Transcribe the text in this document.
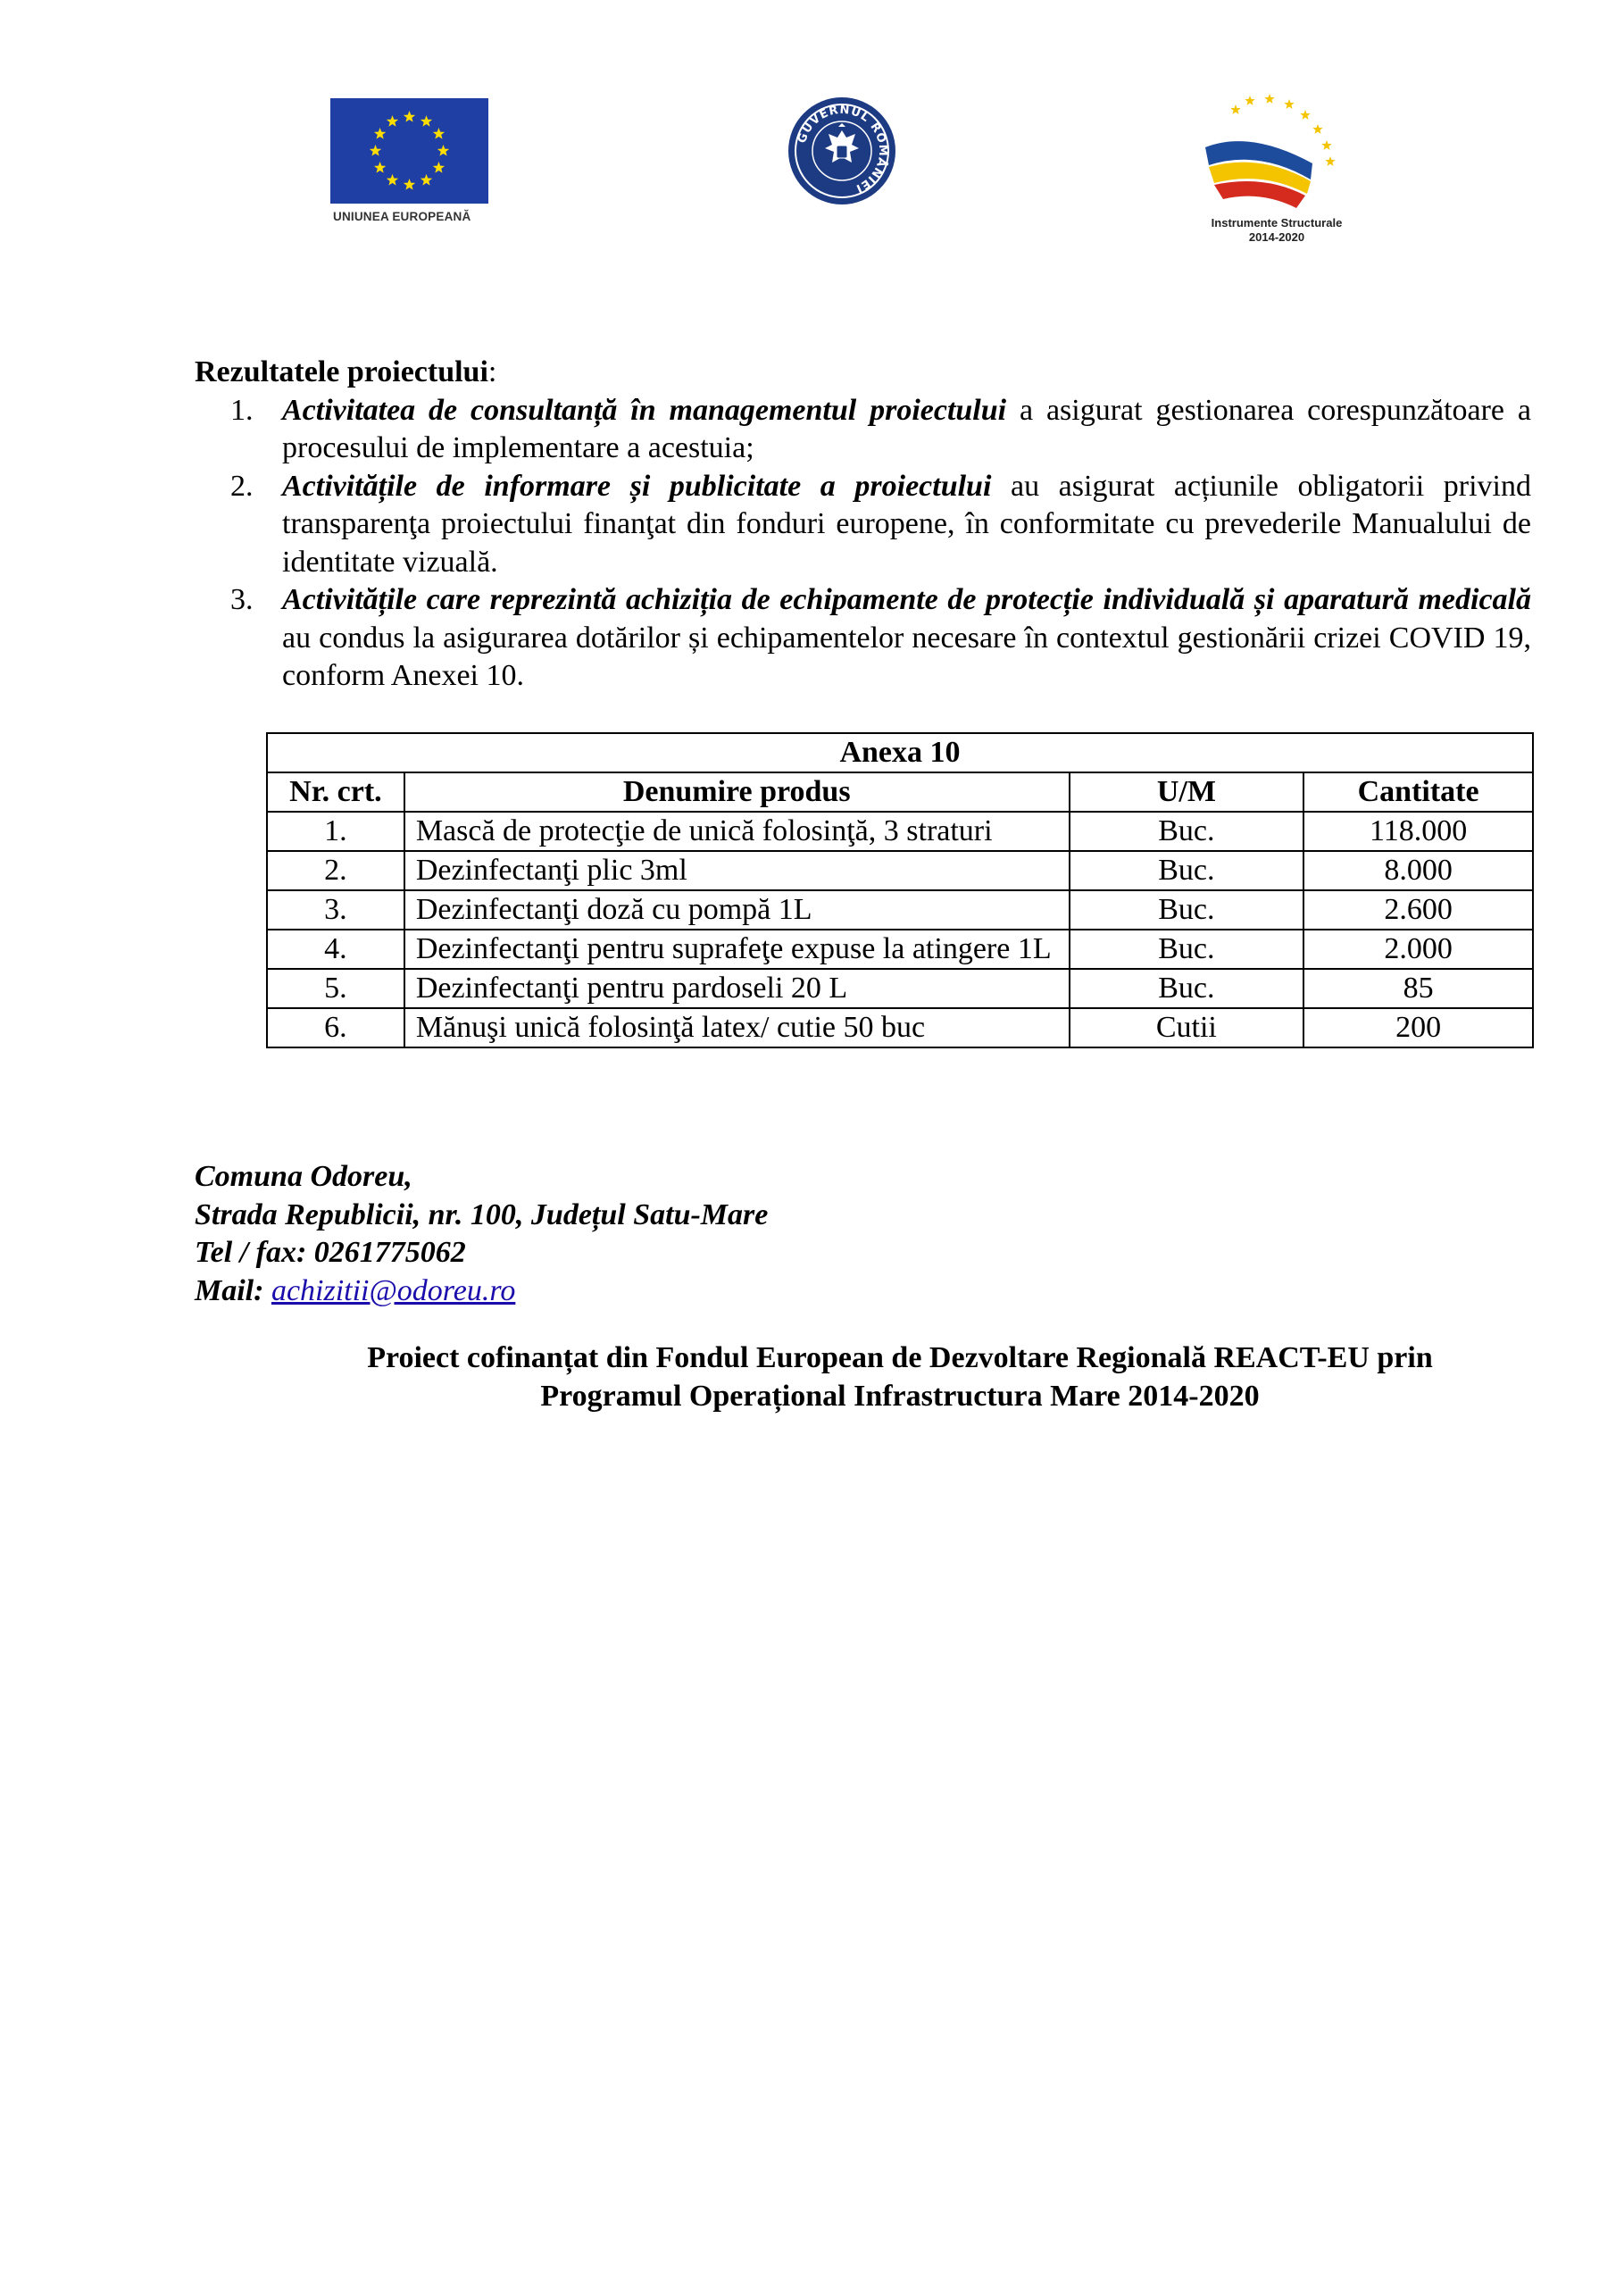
UNIUNEA EUROPEANĂ
GUVERNUL ROMÂNIEI
Instrumente Structurale
2014-2020
Rezultatele proiectului:
1. Activitatea de consultanță în managementul proiectului a asigurat gestionarea corespunzătoare a procesului de implementare a acestuia;
2. Activitățile de informare și publicitate a proiectului au asigurat acțiunile obligatorii privind transparenţa proiectului finanţat din fonduri europene, în conformitate cu prevederile Manualului de identitate vizuală.
3. Activitățile care reprezintă achiziția de echipamente de protecție individuală și aparatură medicală au condus la asigurarea dotărilor și echipamentelor necesare în contextul gestionării crizei COVID 19, conform Anexei 10.
Anexa 10			
Nr. crt.	Denumire produs	U/M	Cantitate
1.	Mască de protecţie de unică folosinţă, 3 straturi	Buc.	118.000
2.	Dezinfectanţi plic 3ml	Buc.	8.000
3.	Dezinfectanţi doză cu pompă 1L	Buc.	2.600
4.	Dezinfectanţi pentru suprafeţe expuse la atingere 1L	Buc.	2.000
5.	Dezinfectanţi pentru pardoseli 20 L	Buc.	85
6.	Mănuşi unică folosinţă latex/ cutie 50 buc	Cutii	200
Comuna Odoreu,
Strada Republicii, nr. 100, Județul Satu-Mare
Tel / fax: 0261775062
Mail: achizitii@odoreu.ro
Proiect cofinanțat din Fondul European de Dezvoltare Regională REACT-EU prin
Programul Operațional Infrastructura Mare 2014-2020
